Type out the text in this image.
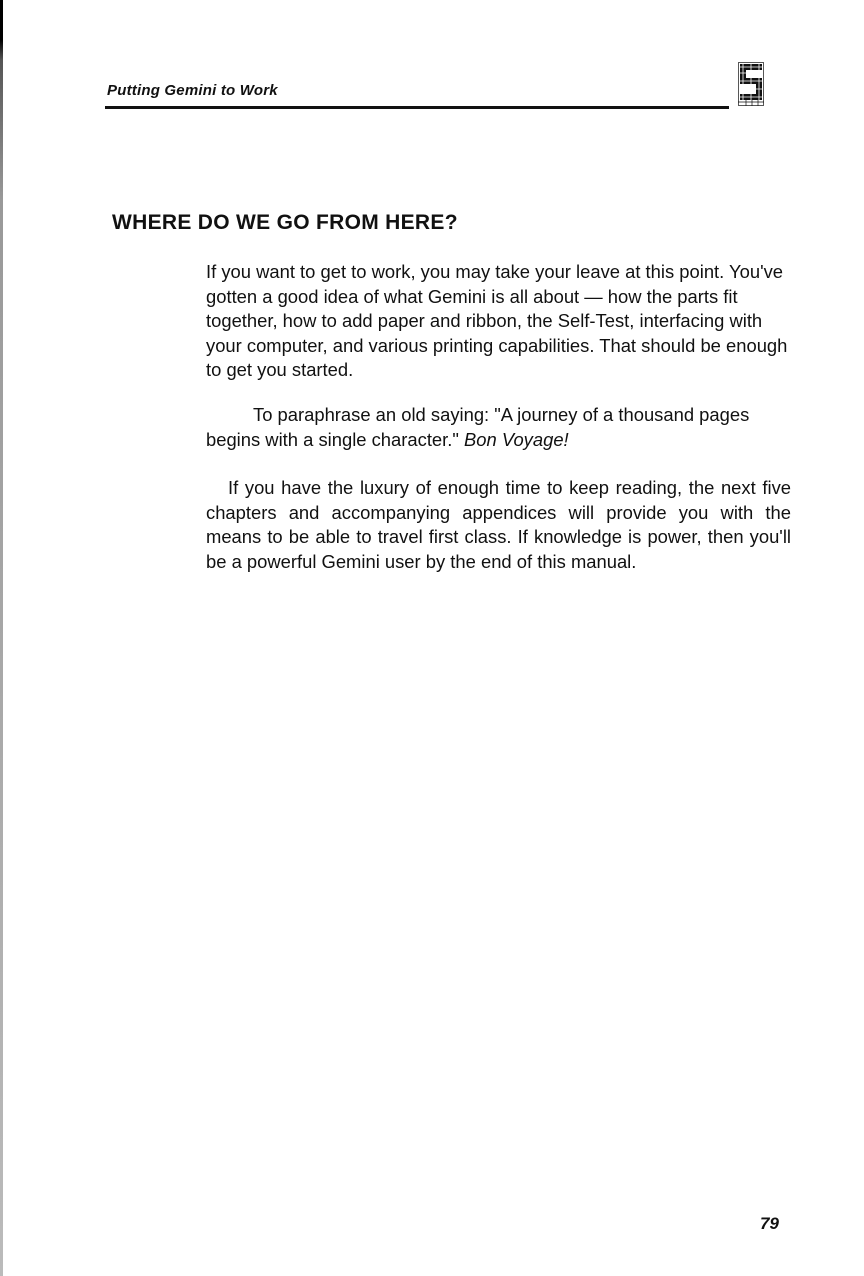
Putting Gemini to Work
WHERE DO WE GO FROM HERE?

If you want to get to work, you may take your leave at this point. You've gotten a good idea of what Gemini is all about — how the parts fit together, how to add paper and ribbon, the Self-Test, interfacing with your computer, and various printing capabilities. That should be enough to get you started.

To paraphrase an old saying: "A journey of a thousand pages begins with a single character." Bon Voyage!

If you have the luxury of enough time to keep reading, the next five chapters and accompanying appendices will provide you with the means to be able to travel first class. If knowledge is power, then you'll be a powerful Gemini user by the end of this manual.

79
